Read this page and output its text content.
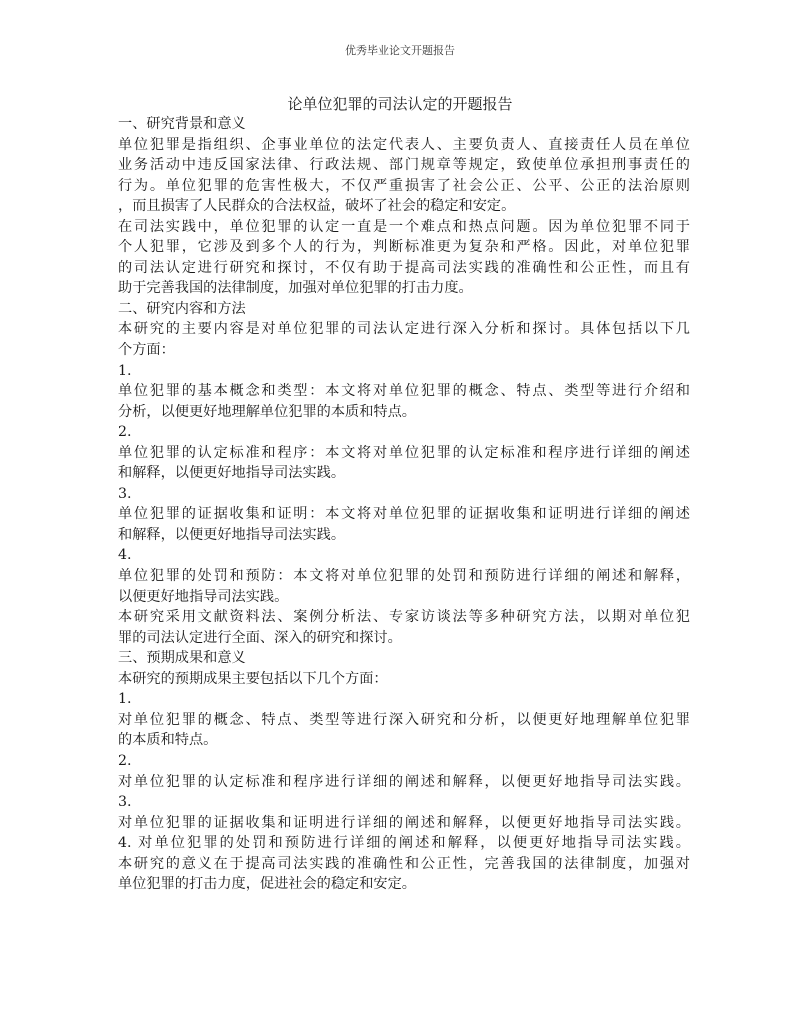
优秀毕业论文开题报告
论单位犯罪的司法认定的开题报告
一、研究背景和意义
单位犯罪是指组织、企事业单位的法定代表人、主要负责人、直接责任人员在单位
业务活动中违反国家法律、行政法规、部门规章等规定，致使单位承担刑事责任的
行为。单位犯罪的危害性极大，不仅严重损害了社会公正、公平、公正的法治原则
，而且损害了人民群众的合法权益，破坏了社会的稳定和安定。
在司法实践中，单位犯罪的认定一直是一个难点和热点问题。因为单位犯罪不同于
个人犯罪，它涉及到多个人的行为，判断标准更为复杂和严格。因此，对单位犯罪
的司法认定进行研究和探讨，不仅有助于提高司法实践的准确性和公正性，而且有
助于完善我国的法律制度，加强对单位犯罪的打击力度。
二、研究内容和方法
本研究的主要内容是对单位犯罪的司法认定进行深入分析和探讨。具体包括以下几
个方面：
1.
单位犯罪的基本概念和类型：本文将对单位犯罪的概念、特点、类型等进行介绍和
分析，以便更好地理解单位犯罪的本质和特点。
2.
单位犯罪的认定标准和程序：本文将对单位犯罪的认定标准和程序进行详细的阐述
和解释，以便更好地指导司法实践。
3.
单位犯罪的证据收集和证明：本文将对单位犯罪的证据收集和证明进行详细的阐述
和解释，以便更好地指导司法实践。
4.
单位犯罪的处罚和预防：本文将对单位犯罪的处罚和预防进行详细的阐述和解释，
以便更好地指导司法实践。
本研究采用文献资料法、案例分析法、专家访谈法等多种研究方法，以期对单位犯
罪的司法认定进行全面、深入的研究和探讨。
三、预期成果和意义
本研究的预期成果主要包括以下几个方面：
1.
对单位犯罪的概念、特点、类型等进行深入研究和分析，以便更好地理解单位犯罪
的本质和特点。
2.
对单位犯罪的认定标准和程序进行详细的阐述和解释，以便更好地指导司法实践。
3.
对单位犯罪的证据收集和证明进行详细的阐述和解释，以便更好地指导司法实践。
4. 对单位犯罪的处罚和预防进行详细的阐述和解释，以便更好地指导司法实践。
本研究的意义在于提高司法实践的准确性和公正性，完善我国的法律制度，加强对
单位犯罪的打击力度，促进社会的稳定和安定。
